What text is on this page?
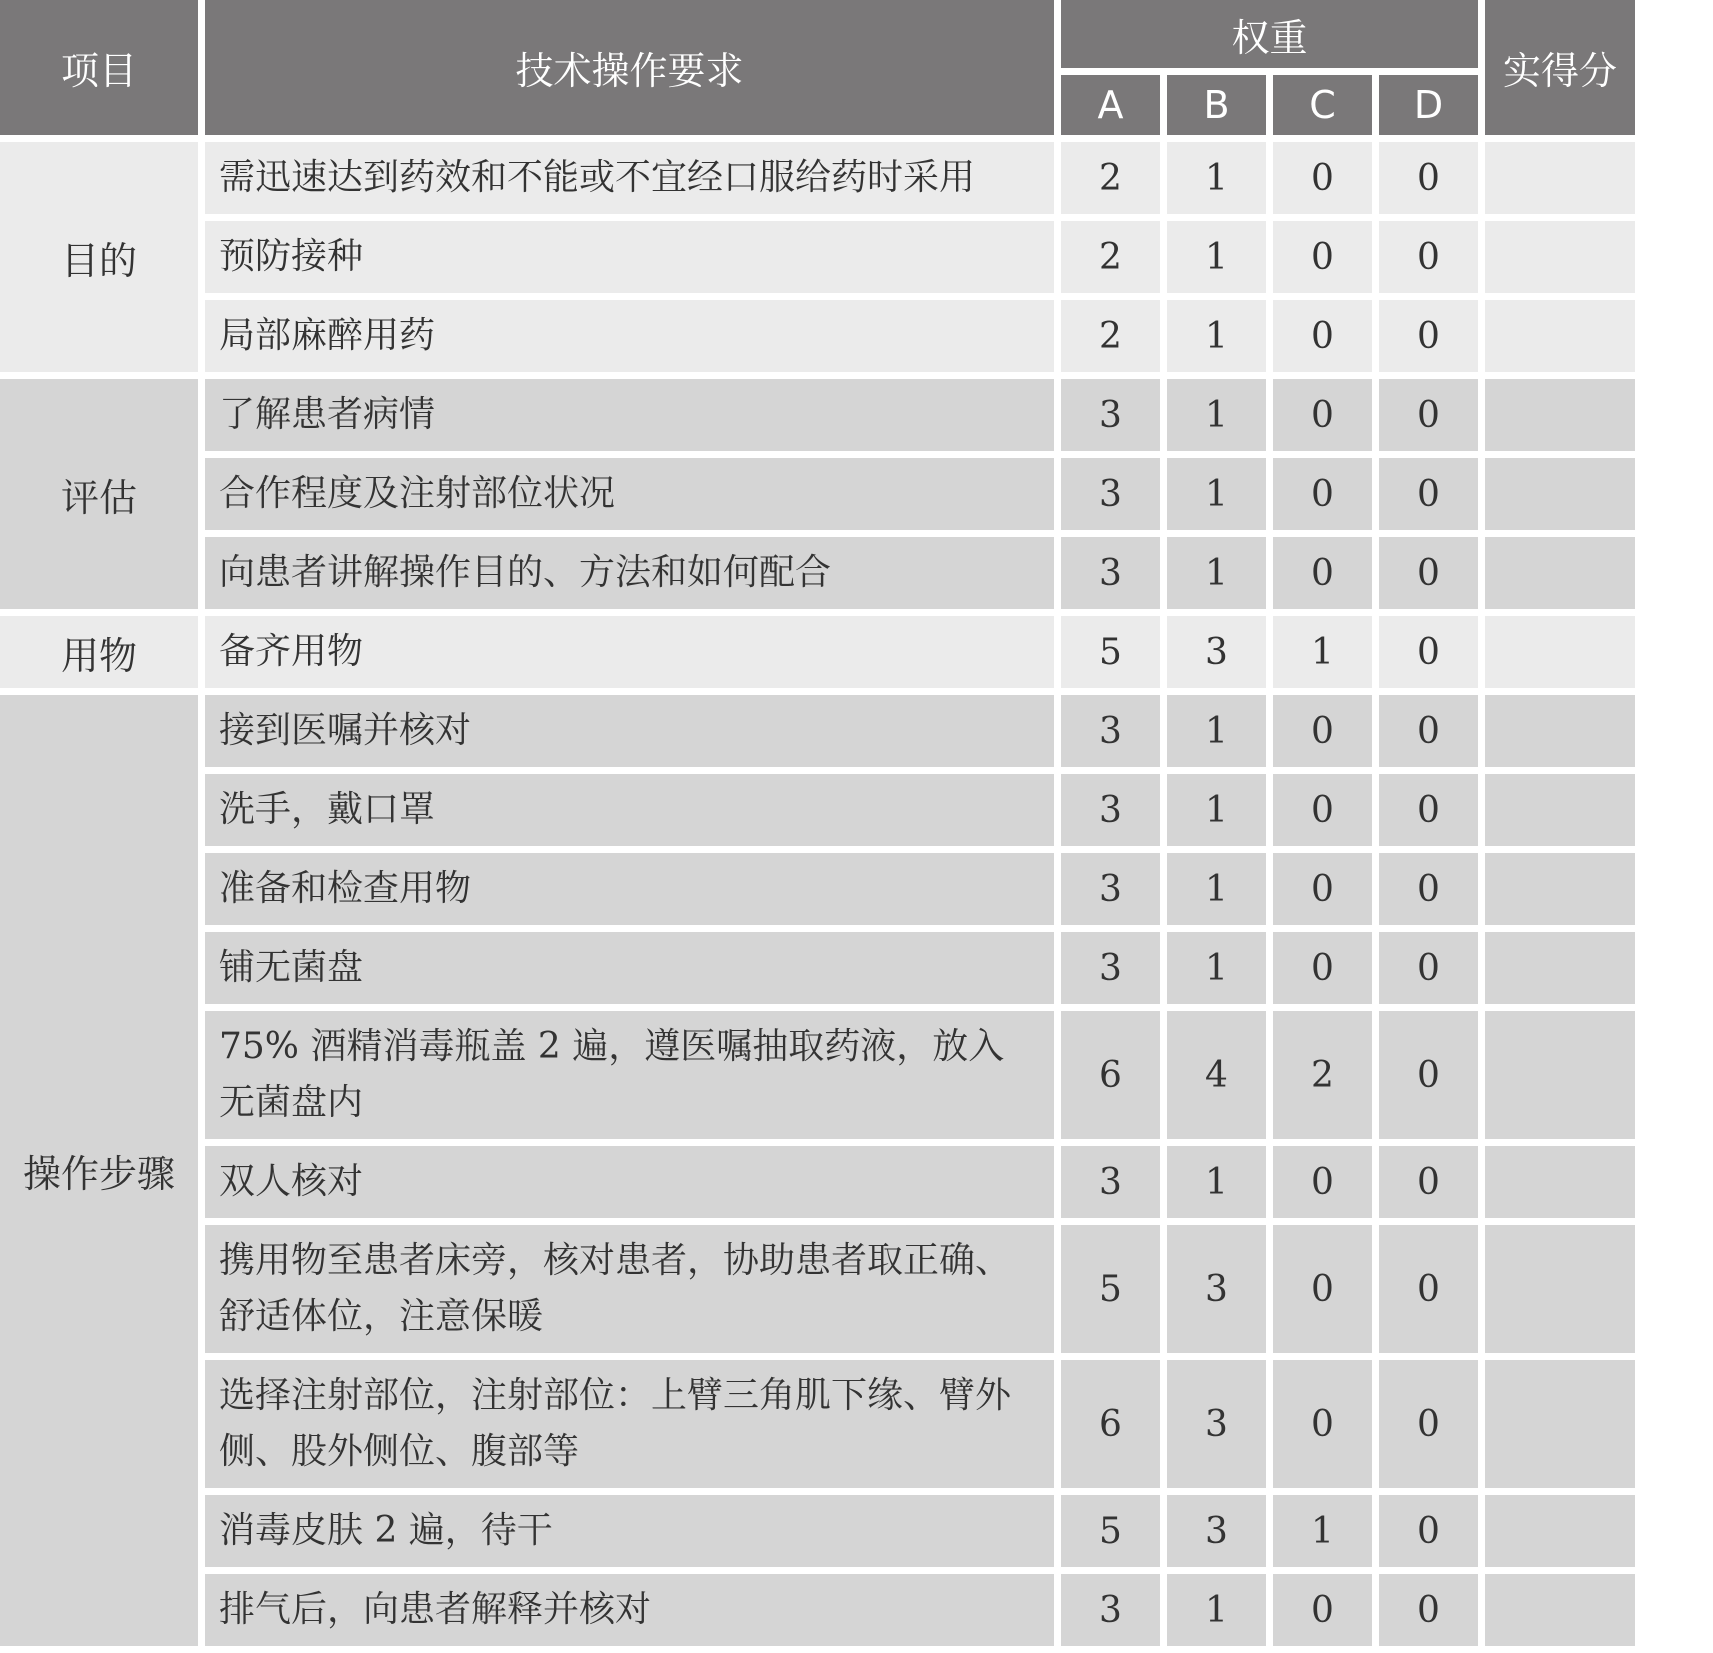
项目	技术操作要求	权重				实得分
		A	B	C	D	
目的	需迅速达到药效和不能或不宜经口服给药时采用	2	1	0	0	
	预防接种	2	1	0	0	
	局部麻醉用药	2	1	0	0	
评估	了解患者病情	3	1	0	0	
	合作程度及注射部位状况	3	1	0	0	
	向患者讲解操作目的、方法和如何配合	3	1	0	0	
用物	备齐用物	5	3	1	0	
操作步骤	接到医嘱并核对	3	1	0	0	
	洗手，戴口罩	3	1	0	0	
	准备和检查用物	3	1	0	0	
	铺无菌盘	3	1	0	0	
	75% 酒精消毒瓶盖 2 遍，遵医嘱抽取药液，放入无菌盘内	6	4	2	0	
	双人核对	3	1	0	0	
	携用物至患者床旁，核对患者，协助患者取正确、舒适体位，注意保暖	5	3	0	0	
	选择注射部位，注射部位：上臂三角肌下缘、臂外侧、股外侧位、腹部等	6	3	0	0	
	消毒皮肤 2 遍，待干	5	3	1	0	
	排气后，向患者解释并核对	3	1	0	0	
